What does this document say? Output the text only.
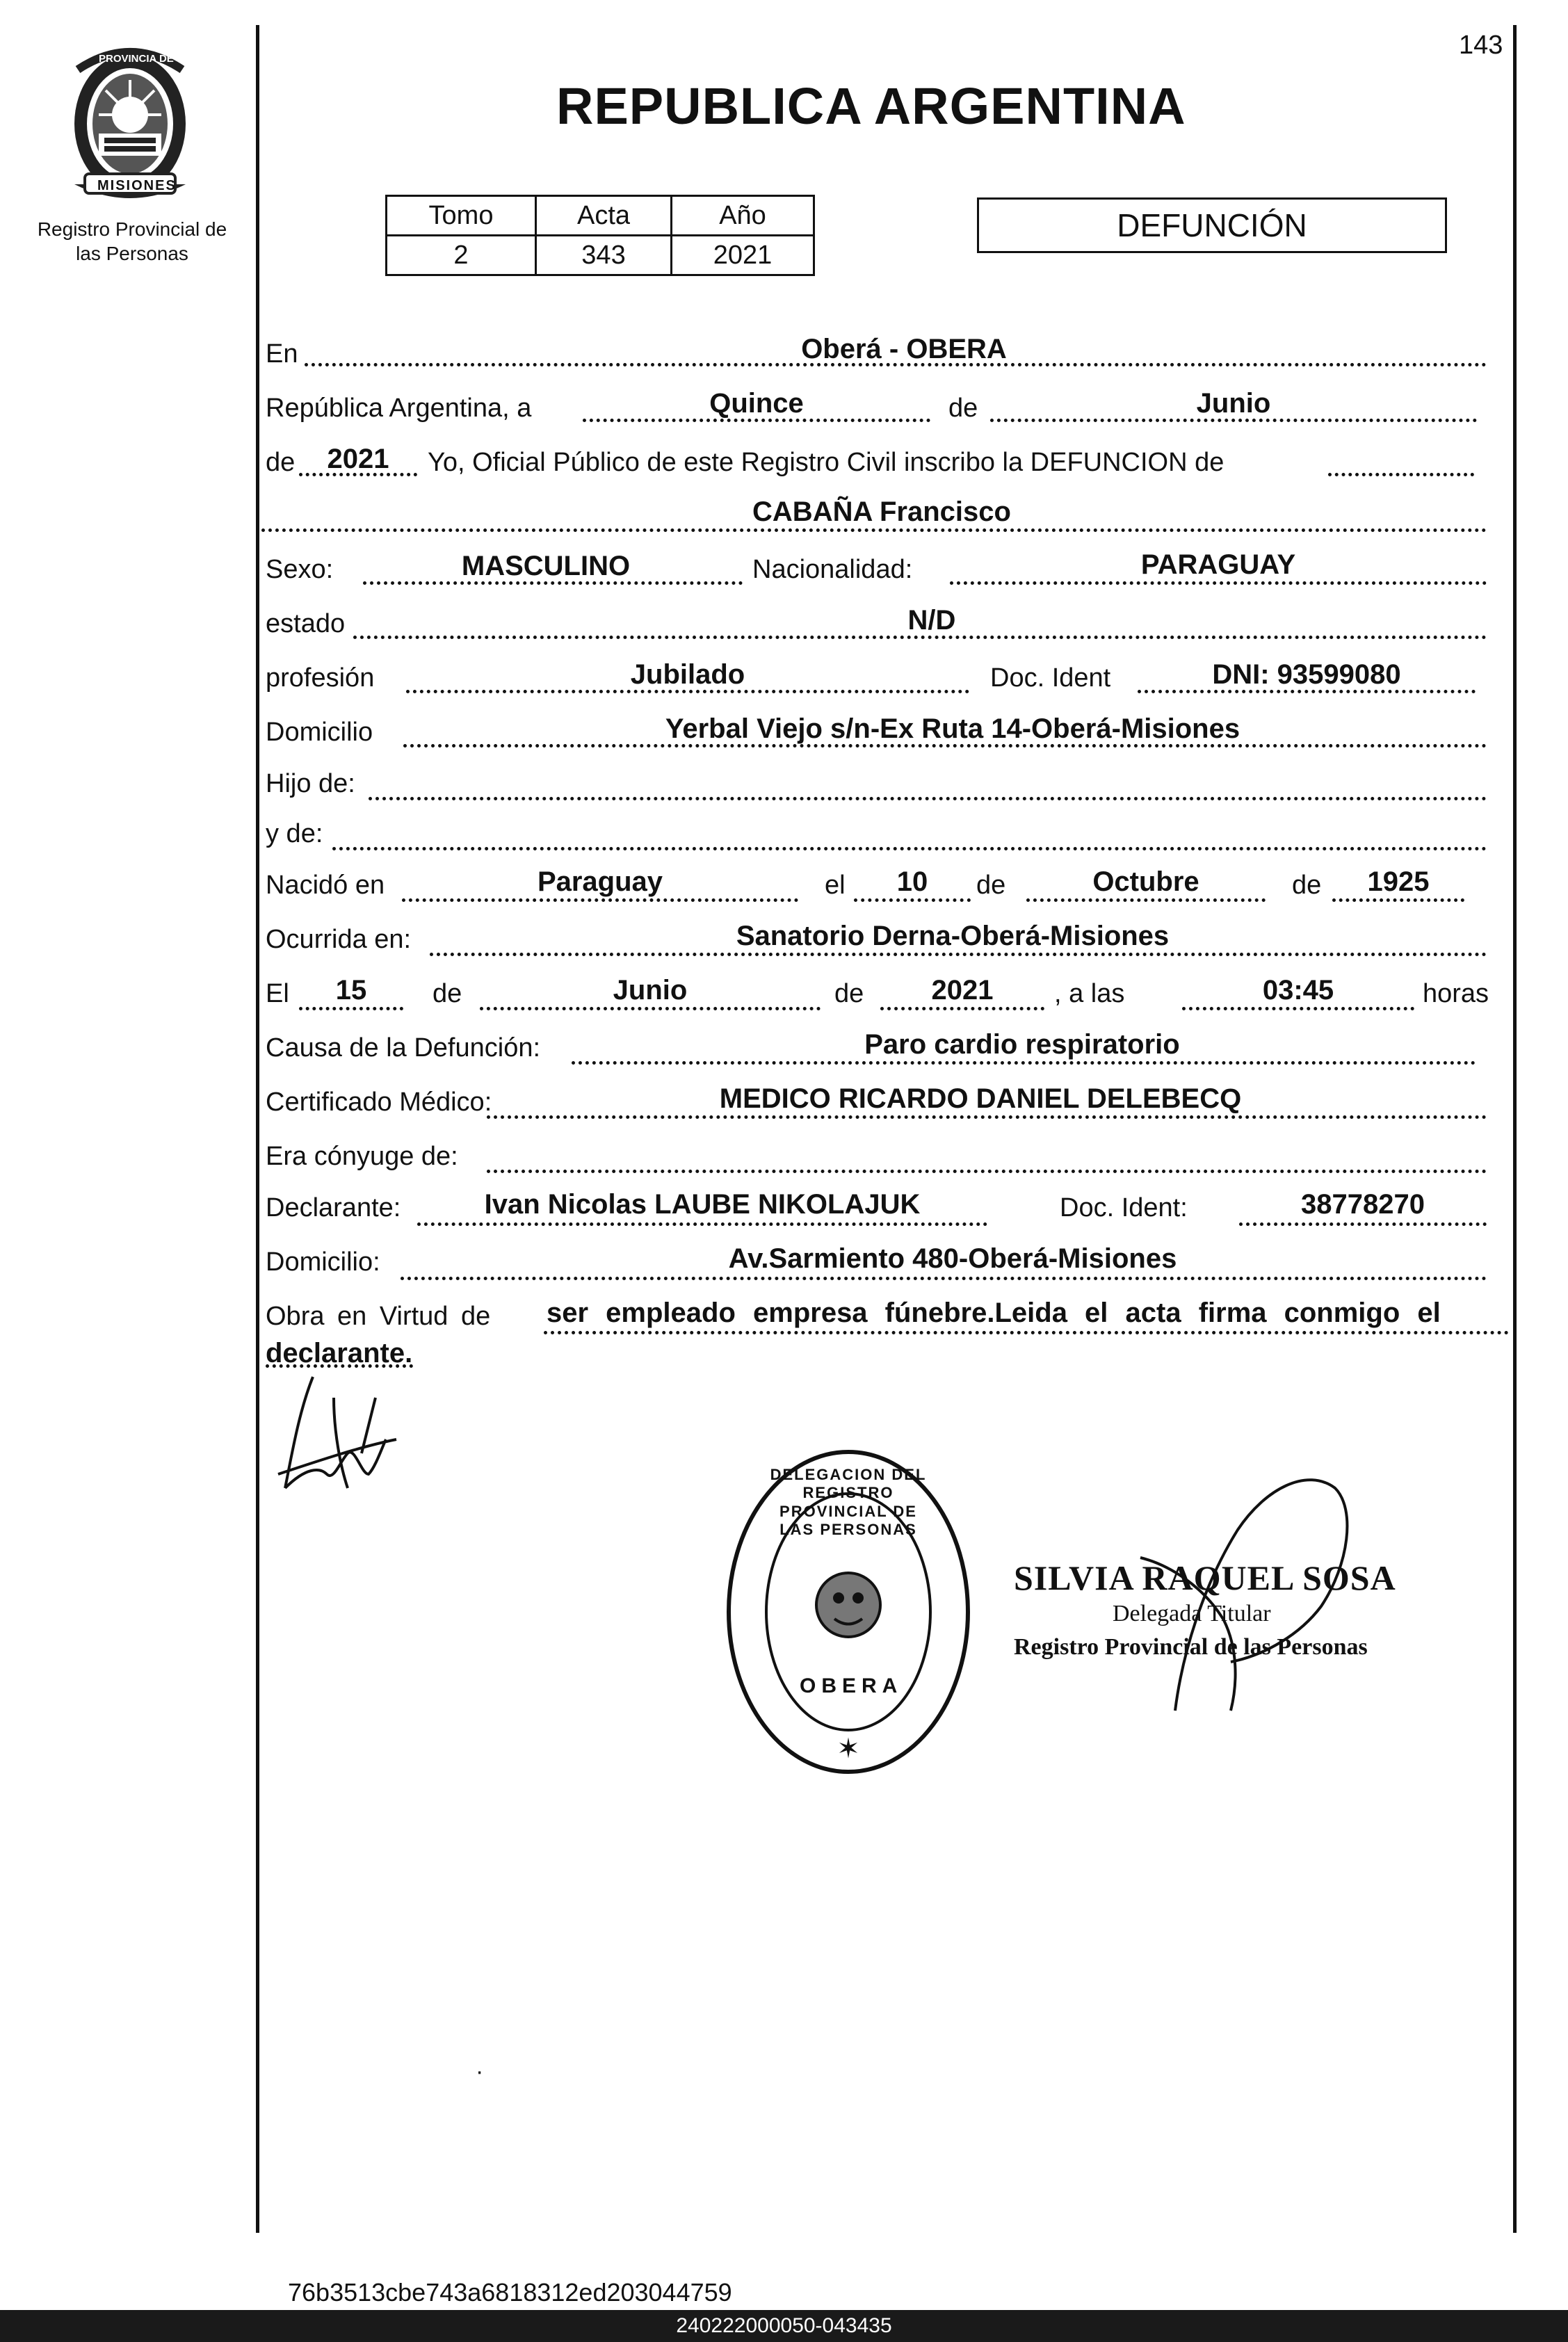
143
PROVINCIA DE
MISIONES
Registro Provincial de las Personas
REPUBLICA ARGENTINA
Tomo	Acta	Año
2	343	2021
DEFUNCIÓN
En	Oberá - OBERA
República Argentina, a	Quince	de	Junio
de	2021	Yo, Oficial Público de este Registro Civil inscribo la DEFUNCION de
CABAÑA Francisco
Sexo:	MASCULINO	Nacionalidad:	PARAGUAY
estado	N/D
profesión	Jubilado	Doc. Ident	DNI: 93599080
Domicilio	Yerbal Viejo s/n-Ex Ruta 14-Oberá-Misiones
Hijo de:
y de:
Nacidó en	Paraguay	el	10	de	Octubre	de	1925
Ocurrida en:	Sanatorio Derna-Oberá-Misiones
El	15	de	Junio	de	2021	, a las	03:45	horas
Causa de la Defunción:	Paro cardio respiratorio
Certificado Médico:	MEDICO RICARDO DANIEL DELEBECQ
Era cónyuge de:
Declarante:	Ivan Nicolas LAUBE NIKOLAJUK	Doc. Ident:	38778270
Domicilio:	Av.Sarmiento 480-Oberá-Misiones
Obra en Virtud de ser empleado empresa fúnebre.Leida el acta firma conmigo el
declarante.
✶
DELEGACION DEL REGISTRO PROVINCIAL DE LAS PERSONAS
OBERA
SILVIA RAQUEL SOSA
Delegada Titular
Registro Provincial de las Personas
·
76b3513cbe743a6818312ed203044759
240222000050-043435
